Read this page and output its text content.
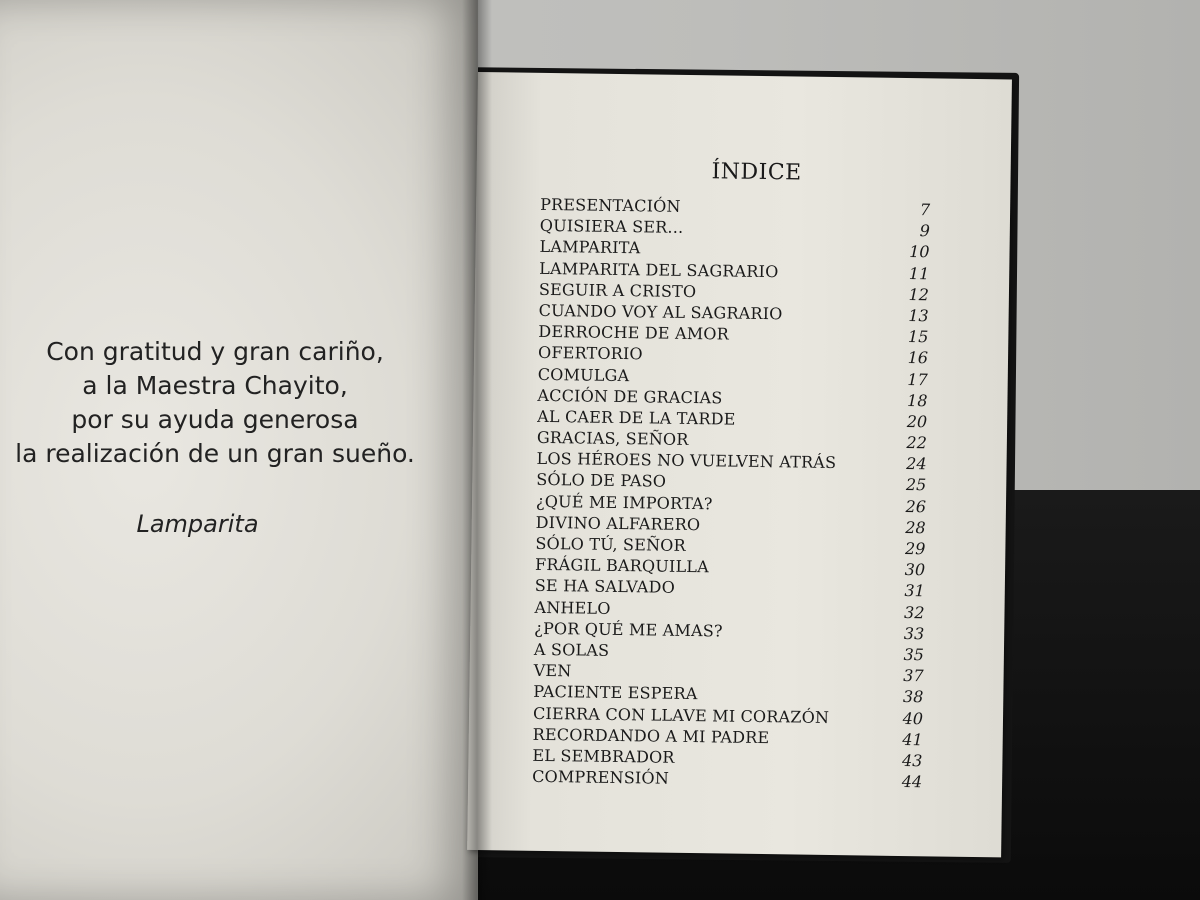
Con gratitud y gran cariño,
a la Maestra Chayito,
por su ayuda generosa
la realización de un gran sueño.
Lamparita
ÍNDICE
PRESENTACIÓN	7
QUISIERA SER...	9
LAMPARITA	10
LAMPARITA DEL SAGRARIO	11
SEGUIR A CRISTO	12
CUANDO VOY AL SAGRARIO	13
DERROCHE DE AMOR	15
OFERTORIO	16
COMULGA	17
ACCIÓN DE GRACIAS	18
AL CAER DE LA TARDE	20
GRACIAS, SEÑOR	22
LOS HÉROES NO VUELVEN ATRÁS	24
SÓLO DE PASO	25
¿QUÉ ME IMPORTA?	26
DIVINO ALFARERO	28
SÓLO TÚ, SEÑOR	29
FRÁGIL BARQUILLA	30
SE HA SALVADO	31
ANHELO	32
¿POR QUÉ ME AMAS?	33
A SOLAS	35
VEN	37
PACIENTE ESPERA	38
CIERRA CON LLAVE MI CORAZÓN	40
RECORDANDO A MI PADRE	41
EL SEMBRADOR	43
COMPRENSIÓN	44
